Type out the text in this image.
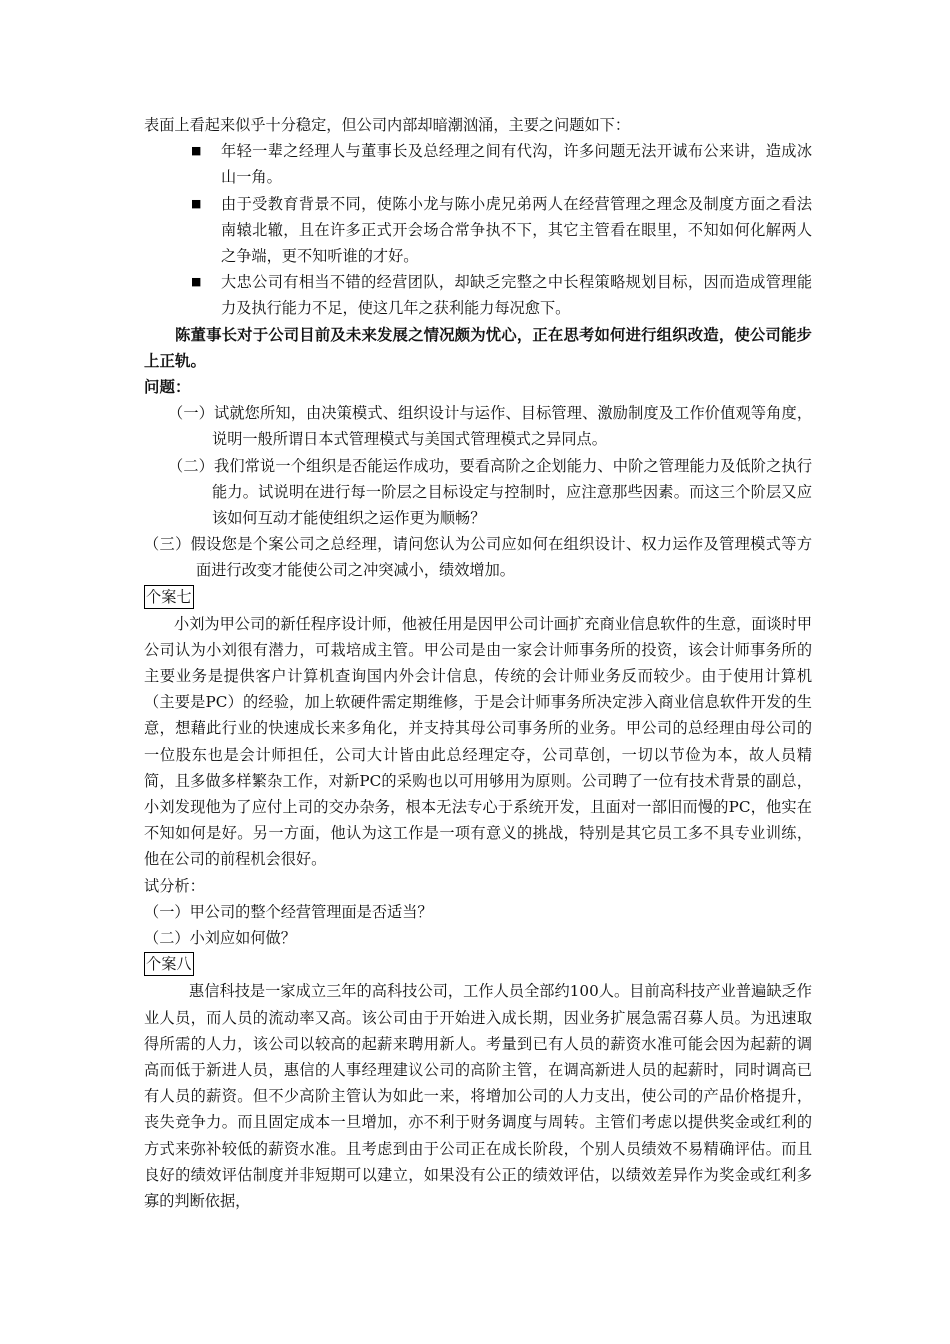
表面上看起来似乎十分稳定，但公司内部却暗潮汹涌，主要之问题如下：

■ 年轻一辈之经理人与董事长及总经理之间有代沟，许多问题无法开诚布公来讲，造成冰山一角。
■ 由于受教育背景不同，使陈小龙与陈小虎兄弟两人在经营管理之理念及制度方面之看法南辕北辙，且在许多正式开会场合常争执不下，其它主管看在眼里，不知如何化解两人之争端，更不知听谁的才好。
■ 大忠公司有相当不错的经营团队，却缺乏完整之中长程策略规划目标，因而造成管理能力及执行能力不足，使这几年之获利能力每况愈下。

陈董事长对于公司目前及未来发展之情况颇为忧心，正在思考如何进行组织改造，使公司能步上正轨。

问题：

（一）试就您所知，由决策模式、组织设计与运作、目标管理、激励制度及工作价值观等角度，说明一般所谓日本式管理模式与美国式管理模式之异同点。

（二）我们常说一个组织是否能运作成功，要看高阶之企划能力、中阶之管理能力及低阶之执行能力。试说明在进行每一阶层之目标设定与控制时，应注意那些因素。而这三个阶层又应该如何互动才能使组织之运作更为顺畅？

（三）假设您是个案公司之总经理，请问您认为公司应如何在组织设计、权力运作及管理模式等方面进行改变才能使公司之冲突减小，绩效增加。

个案七

小刘为甲公司的新任程序设计师，他被任用是因甲公司计画扩充商业信息软件的生意，面谈时甲公司认为小刘很有潜力，可栽培成主管。甲公司是由一家会计师事务所的投资，该会计师事务所的主要业务是提供客户计算机查询国内外会计信息，传统的会计师业务反而较少。由于使用计算机（主要是PC）的经验，加上软硬件需定期维修，于是会计师事务所决定涉入商业信息软件开发的生意，想藉此行业的快速成长来多角化，并支持其母公司事务所的业务。甲公司的总经理由母公司的一位股东也是会计师担任，公司大计皆由此总经理定夺，公司草创，一切以节俭为本，故人员精简，且多做多样繁杂工作，对新PC的采购也以可用够用为原则。公司聘了一位有技术背景的副总，小刘发现他为了应付上司的交办杂务，根本无法专心于系统开发，且面对一部旧而慢的PC，他实在不知如何是好。另一方面，他认为这工作是一项有意义的挑战，特别是其它员工多不具专业训练，他在公司的前程机会很好。

试分析：

（一）甲公司的整个经营管理面是否适当？

（二）小刘应如何做？

个案八

惠信科技是一家成立三年的高科技公司，工作人员全部约100人。目前高科技产业普遍缺乏作业人员，而人员的流动率又高。该公司由于开始进入成长期，因业务扩展急需召募人员。为迅速取得所需的人力，该公司以较高的起薪来聘用新人。考量到已有人员的薪资水准可能会因为起薪的调高而低于新进人员，惠信的人事经理建议公司的高阶主管，在调高新进人员的起薪时，同时调高已有人员的薪资。但不少高阶主管认为如此一来，将增加公司的人力支出，使公司的产品价格提升，丧失竞争力。而且固定成本一旦增加，亦不利于财务调度与周转。主管们考虑以提供奖金或红利的方式来弥补较低的薪资水准。且考虑到由于公司正在成长阶段，个别人员绩效不易精确评估。而且良好的绩效评估制度并非短期可以建立，如果没有公正的绩效评估，以绩效差异作为奖金或红利多寡的判断依据，
